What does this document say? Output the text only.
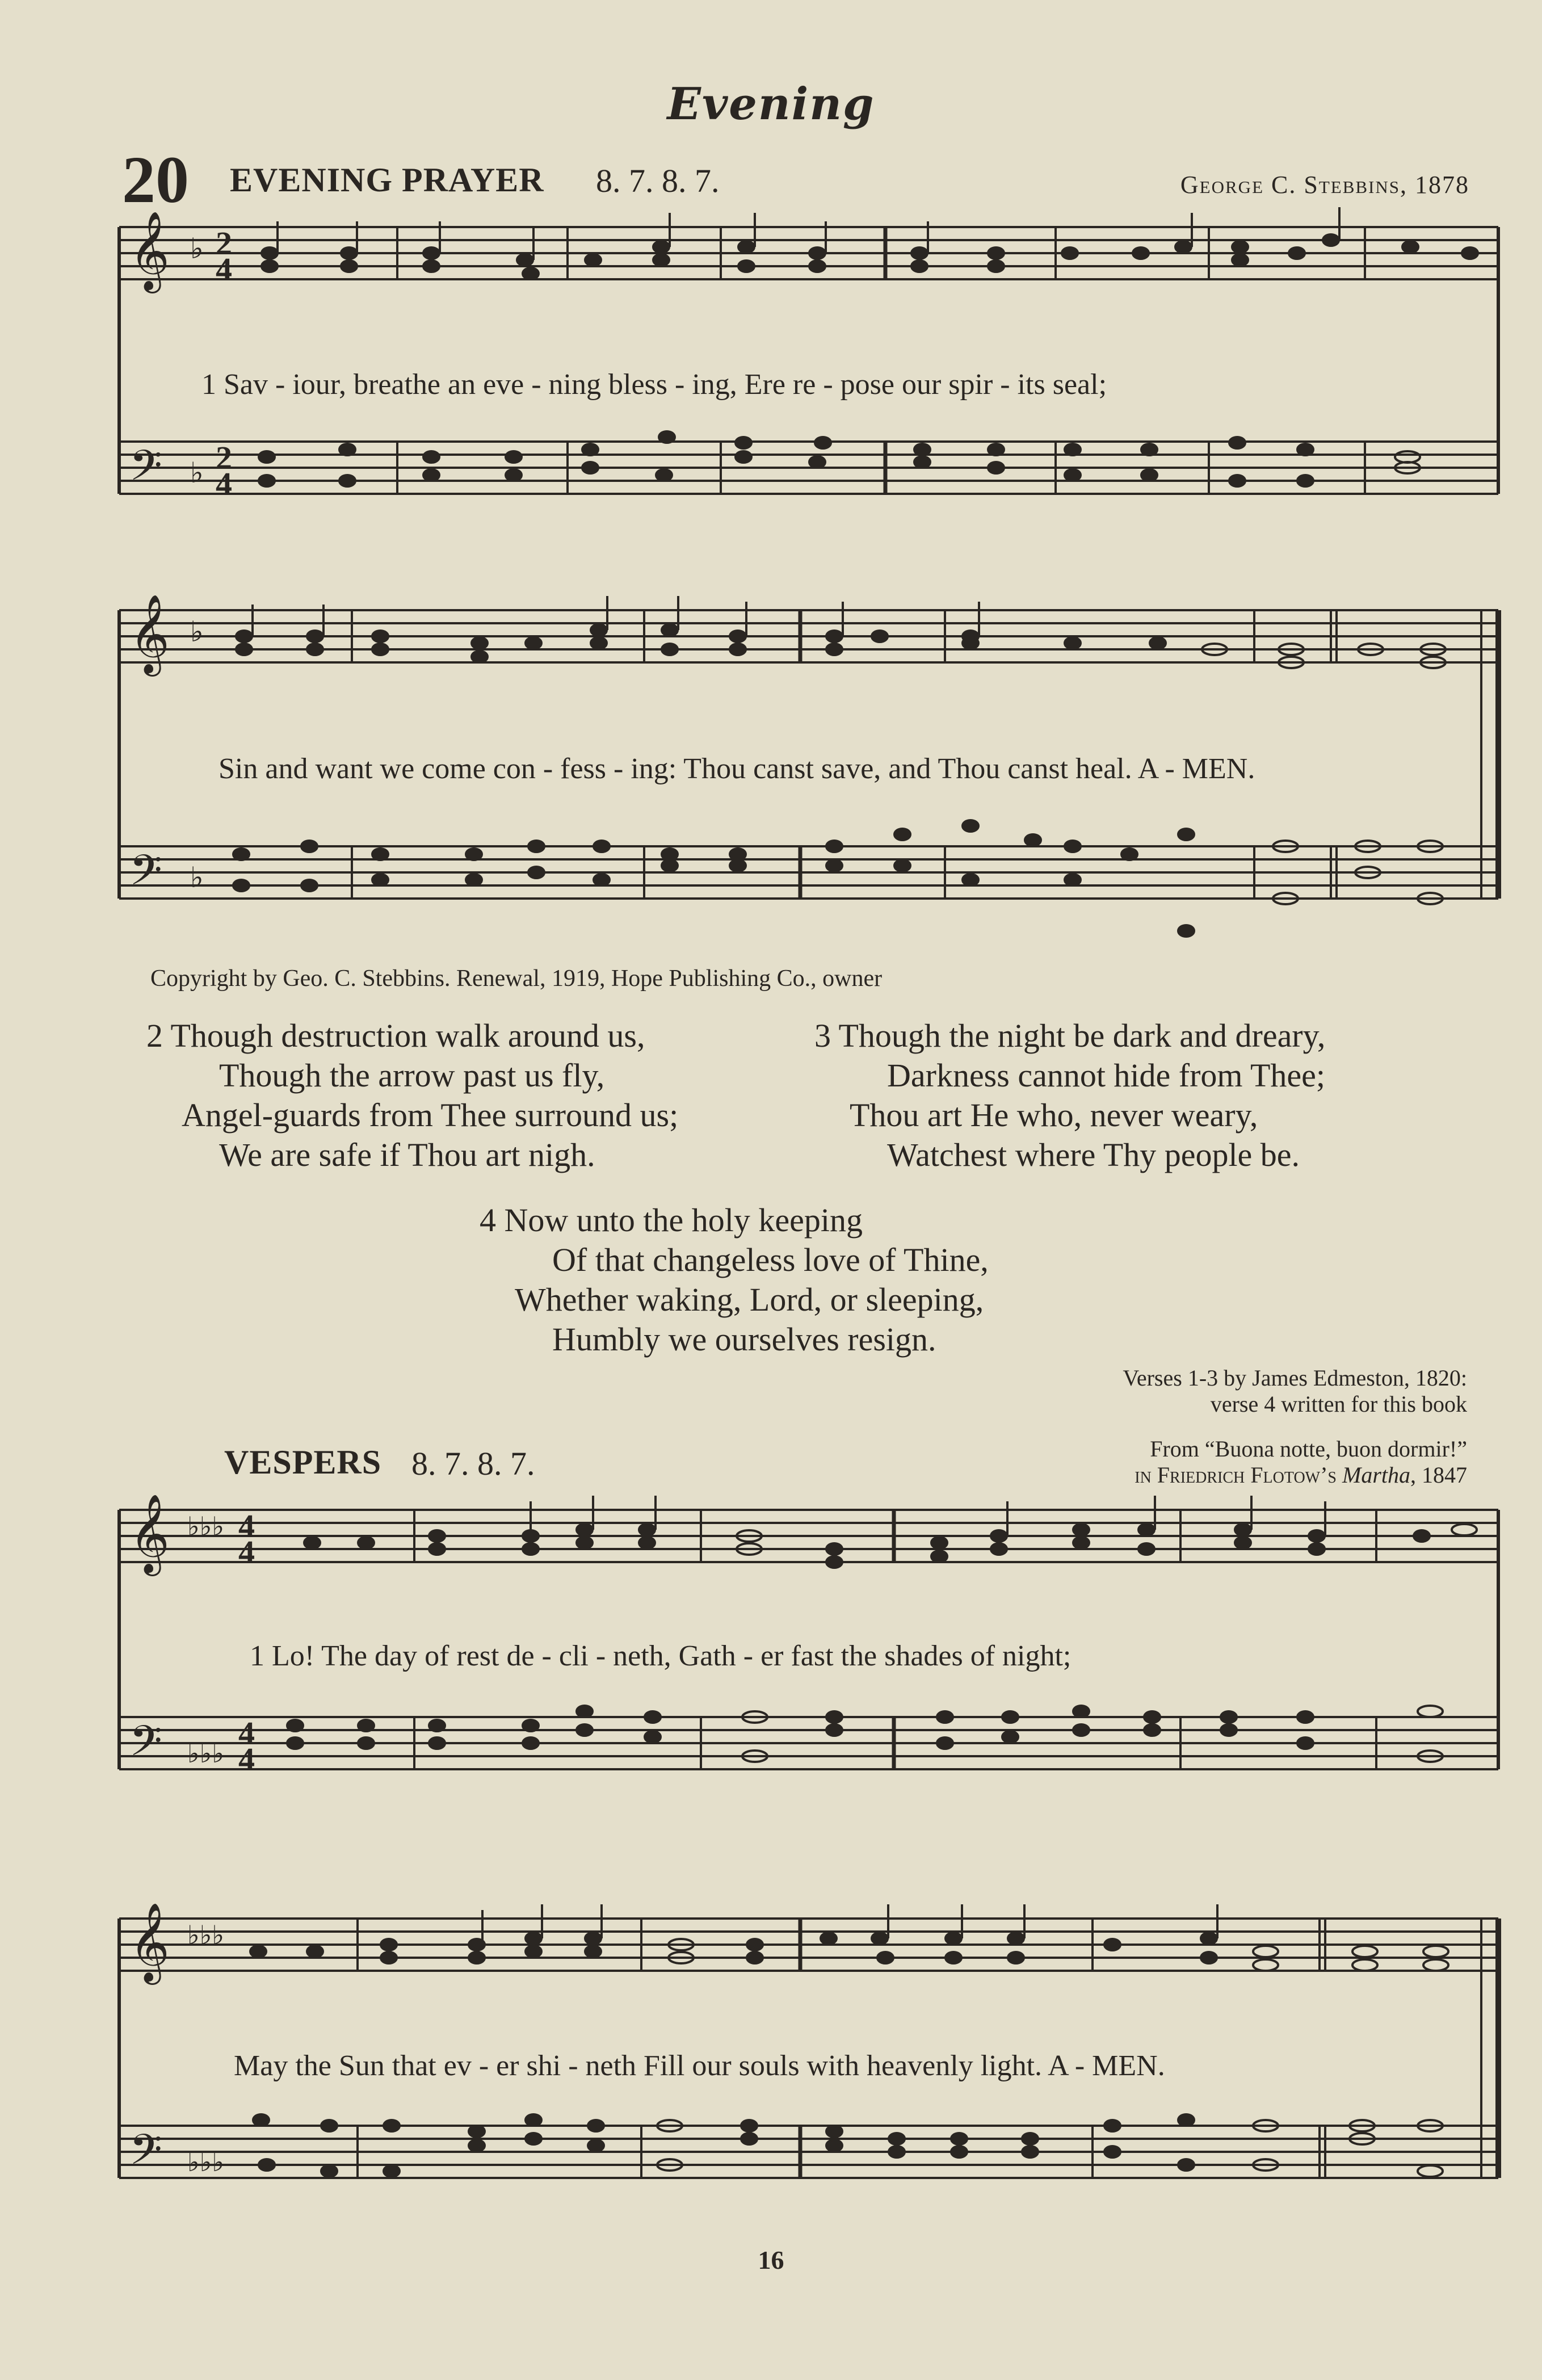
Evening
20 EVENING PRAYER 8. 7. 8. 7.	George C. Stebbins, 1878
𝄞
𝄢
♭
♭
2
4
2
4
1 Sav - iour, breathe an eve - ning bless - ing, Ere re - pose our spir - its seal;
𝄞
𝄢
♭
♭
Sin and want we come con - fess - ing: Thou canst save, and Thou canst heal. A - MEN.
Copyright by Geo. C. Stebbins. Renewal, 1919, Hope Publishing Co., owner
2 Though destruction walk around us,
Though the arrow past us fly,
Angel-guards from Thee surround us;
We are safe if Thou art nigh.
3 Though the night be dark and dreary,
Darkness cannot hide from Thee;
Thou art He who, never weary,
Watchest where Thy people be.
4 Now unto the holy keeping
Of that changeless love of Thine,
Whether waking, Lord, or sleeping,
Humbly we ourselves resign.
Verses 1-3 by James Edmeston, 1820:
verse 4 written for this book
VESPERS 8. 7. 8. 7.	From “Buona notte, buon dormir!”
in Friedrich Flotow’s Martha, 1847
𝄞
𝄢
♭♭♭
♭♭♭
4
4
4
4
1 Lo! The day of rest de - cli - neth, Gath - er fast the shades of night;
𝄞
𝄢
♭♭♭
♭♭♭
May the Sun that ev - er shi - neth Fill our souls with heavenly light. A - MEN.
16
